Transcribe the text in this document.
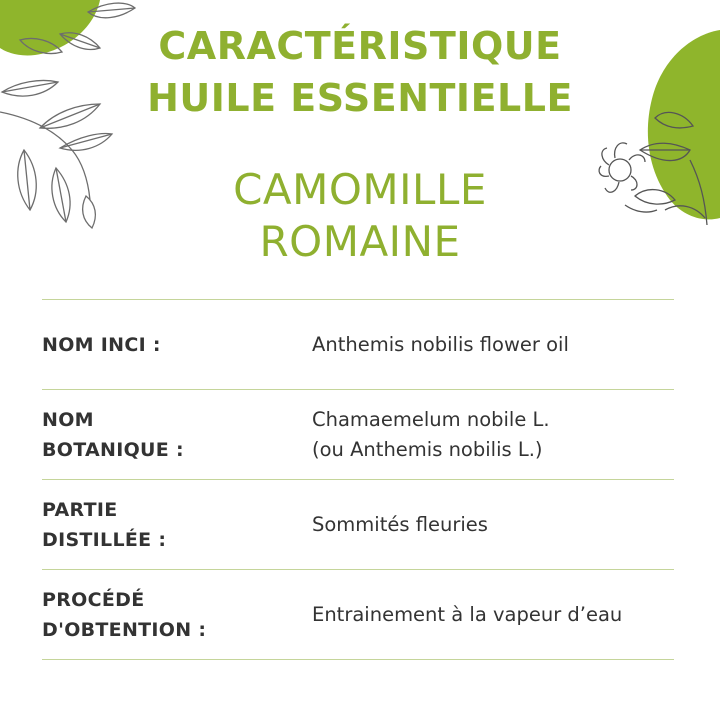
CARACTÉRISTIQUE
HUILE ESSENTIELLE
CAMOMILLE
ROMAINE
NOM INCI :	Anthemis nobilis flower oil
NOM
BOTANIQUE :
Chamaemelum nobile L.
(ou Anthemis nobilis L.)
PARTIE
DISTILLÉE :
Sommités fleuries
PROCÉDÉ
D'OBTENTION :
Entrainement à la vapeur d’eau
